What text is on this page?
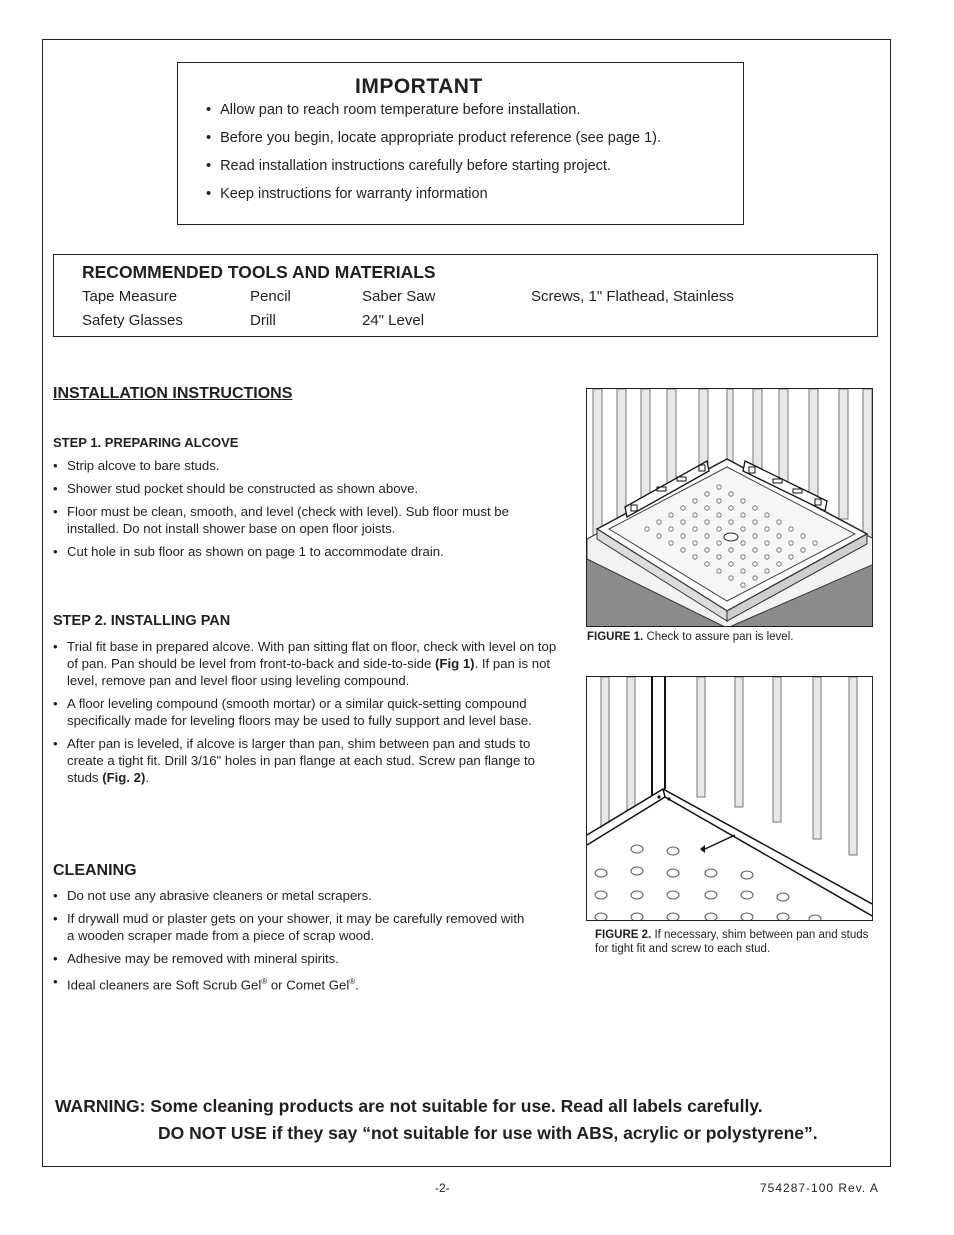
IMPORTANT
• Allow pan to reach room temperature before installation.
• Before you begin, locate appropriate product reference (see page 1).
• Read installation instructions carefully before starting project.
• Keep instructions for warranty information
RECOMMENDED TOOLS AND MATERIALS
Tape Measure	Pencil	Saber Saw	Screws, 1" Flathead, Stainless
Safety Glasses	Drill	24" Level
INSTALLATION INSTRUCTIONS
STEP 1. PREPARING ALCOVE
• Strip alcove to bare studs.
• Shower stud pocket should be constructed as shown above.
• Floor must be clean, smooth, and level (check with level). Sub floor must be installed. Do not install shower base on open floor joists.
• Cut hole in sub floor as shown on page 1 to accommodate drain.
STEP 2. INSTALLING PAN
• Trial fit base in prepared alcove. With pan sitting flat on floor, check with level on top of pan. Pan should be level from front-to-back and side-to-side (Fig 1). If pan is not level, remove pan and level floor using leveling compound.
• A floor leveling compound (smooth mortar) or a similar quick-setting compound specifically made for leveling floors may be used to fully support and level base.
• After pan is leveled, if alcove is larger than pan, shim between pan and studs to create a tight fit. Drill 3/16" holes in pan flange at each stud. Screw pan flange to studs (Fig. 2).
CLEANING
• Do not use any abrasive cleaners or metal scrapers.
• If drywall mud or plaster gets on your shower, it may be carefully removed with a wooden scraper made from a piece of scrap wood.
• Adhesive may be removed with mineral spirits.
• Ideal cleaners are Soft Scrub Gel® or Comet Gel®.
FIGURE 1. Check to assure pan is level.
FIGURE 2. If necessary, shim between pan and studs for tight fit and screw to each stud.
WARNING: Some cleaning products are not suitable for use. Read all labels carefully.
DO NOT USE if they say “not suitable for use with ABS, acrylic or polystyrene”.
-2-	754287-100 Rev. A
